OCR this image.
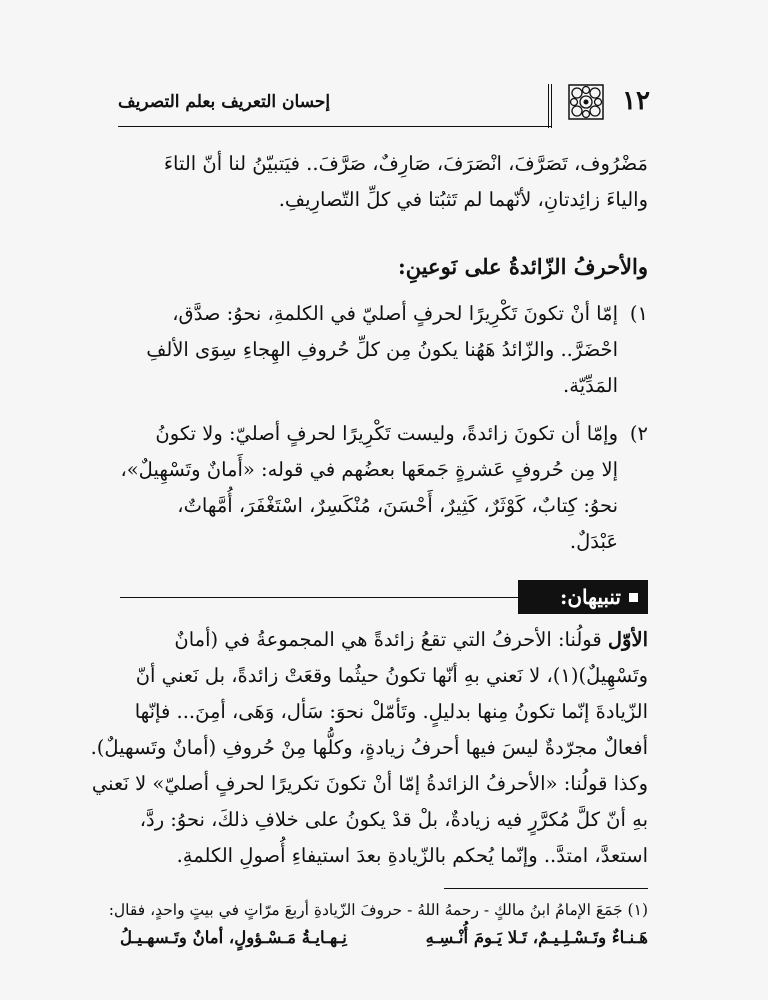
١٢
إحسان التعريف بعلم التصريف
مَضْرُوف، تَصَرَّفَ، انْصَرَفَ، صَارِفٌ، صَرَّفَ.. فيَتبيّنُ لنا أنّ التاءَ
والياءَ زائِدتانِ، لأنّهما لم تَثبُتا في كلِّ التّصارِيفِ.
والأحرفُ الزّائدةُ على نَوعينِ:
١)
إمّا أنْ تكونَ تَكْرِيرًا لحرفٍ أصليّ في الكلمةِ، نحوُ: صدَّق،
احْضَرَّ.. والزّائدُ هَهُنا يكونُ مِن كلِّ حُروفِ الهِجاءِ سِوَى الألفِ
المَدِّيّة.
٢)
وإمّا أن تكونَ زائدةً، وليست تَكْرِيرًا لحرفٍ أصليّ: ولا تكونُ
إلا مِن حُروفٍ عَشرةٍ جَمعَها بعضُهم في قوله: «أَمانٌ وتَسْهِيلٌ»،
نحوُ: كِتابٌ، كَوْثَرٌ، كَثِيرٌ، أَحْسَنَ، مُنْكَسِرٌ، اسْتَغْفَرَ، أُمَّهاتٌ،
عَبْدَلٌ.
تنبيهان:
الأوّل قولُنا: الأحرفُ التي تقعُ زائدةً هي المجموعةُ في (أمانٌ
وتَسْهِيلٌ)(١)، لا نَعني بهِ أنّها تكونُ حيثُما وقعَتْ زائدةً، بل نَعني أنّ
الزّيادةَ إنّما تكونُ مِنها بدليلٍ. وتَأمّلْ نحوَ: سَأل، وَهَى، أمِنَ... فإنّها
أفعالٌ مجرّدةٌ ليسَ فيها أحرفُ زيادةٍ، وكلُّها مِنْ حُروفِ (أمانٌ وتَسهيلٌ).
وكذا قولُنا: «الأحرفُ الزائدةُ إمّا أنْ تكونَ تكريرًا لحرفٍ أصليّ» لا نَعني
بهِ أنّ كلَّ مُكرَّرٍ فيه زيادةٌ، بلْ قدْ يكونُ على خلافِ ذلكَ، نحوُ: ردَّ،
استعدَّ، امتدَّ.. وإنّما يُحكم بالزّيادةِ بعدَ استيفاءِ أُصولِ الكلمةِ.
(١) جَمَعَ الإمامُ ابنُ مالكٍ - رحمهُ اللهُ - حروفَ الزّيادةِ أربعَ مرّاتٍ في بيتٍ واحدٍ، فقال:
هَـنـاءٌ وتَـسْـلِـيـمٌ، تَـلا يَـومَ أُنْـسِـهِ
نِـهـايـةُ مَـسْـؤولٍ، أمانٌ وتَـسهـيـلُ
